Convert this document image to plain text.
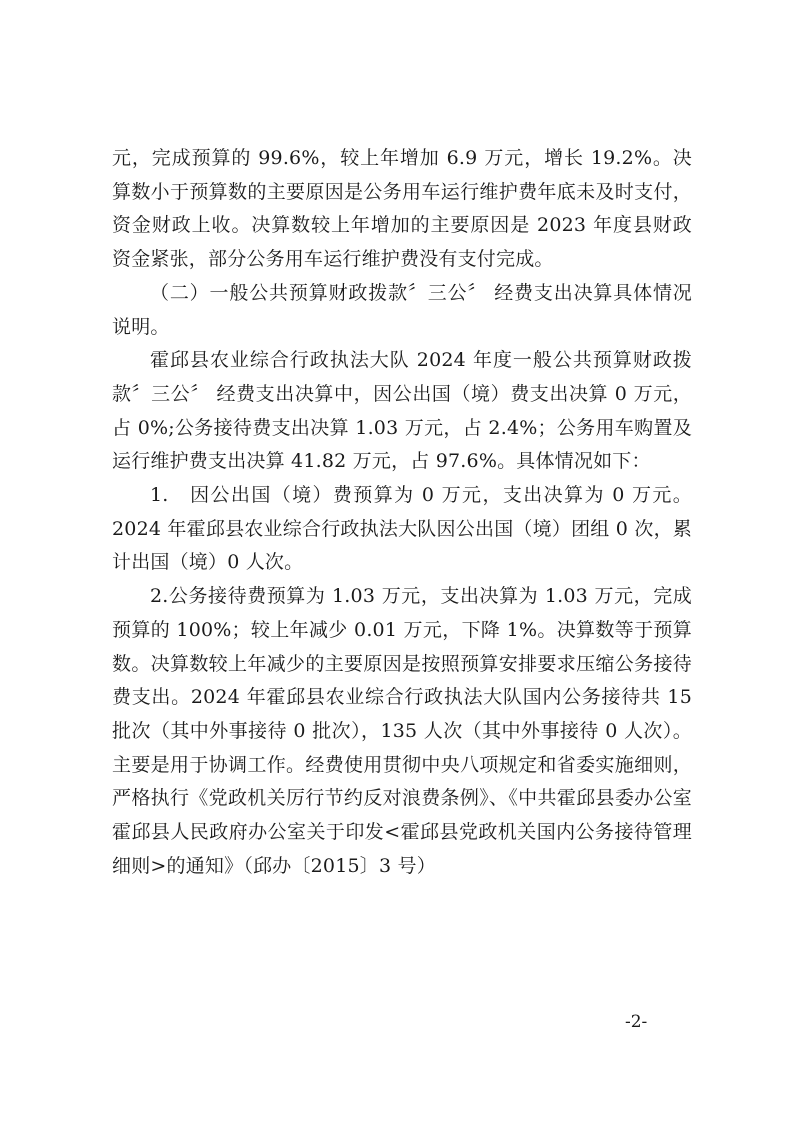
元，完成预算的 99.6%，较上年增加 6.9 万元，增长 19.2%。决算数小于预算数的主要原因是公务用车运行维护费年底未及时支付，资金财政上收。决算数较上年增加的主要原因是 2023 年度县财政资金紧张，部分公务用车运行维护费没有支付完成。

（二）一般公共预算财政拨款〞三公〞 经费支出决算具体情况说明。

霍邱县农业综合行政执法大队 2024 年度一般公共预算财政拨款〞三公〞 经费支出决算中，因公出国（境）费支出决算 0 万元，占 0%;公务接待费支出决算 1.03 万元，占 2.4%；公务用车购置及运行维护费支出决算 41.82 万元，占 97.6%。具体情况如下：

1.　因公出国（境）费预算为 0 万元，支出决算为 0 万元。2024 年霍邱县农业综合行政执法大队因公出国（境）团组 0 次，累计出国（境）0 人次。

2.公务接待费预算为 1.03 万元，支出决算为 1.03 万元，完成预算的 100%；较上年减少 0.01 万元，下降 1%。决算数等于预算数。决算数较上年减少的主要原因是按照预算安排要求压缩公务接待费支出。2024 年霍邱县农业综合行政执法大队国内公务接待共 15 批次（其中外事接待 0 批次），135 人次（其中外事接待 0 人次）。主要是用于协调工作。经费使用贯彻中央八项规定和省委实施细则，严格执行《党政机关厉行节约反对浪费条例》、《中共霍邱县委办公室 霍邱县人民政府办公室关于印发<霍邱县党政机关国内公务接待管理细则>的通知》（邱办〔2015〕3 号）

-2-
